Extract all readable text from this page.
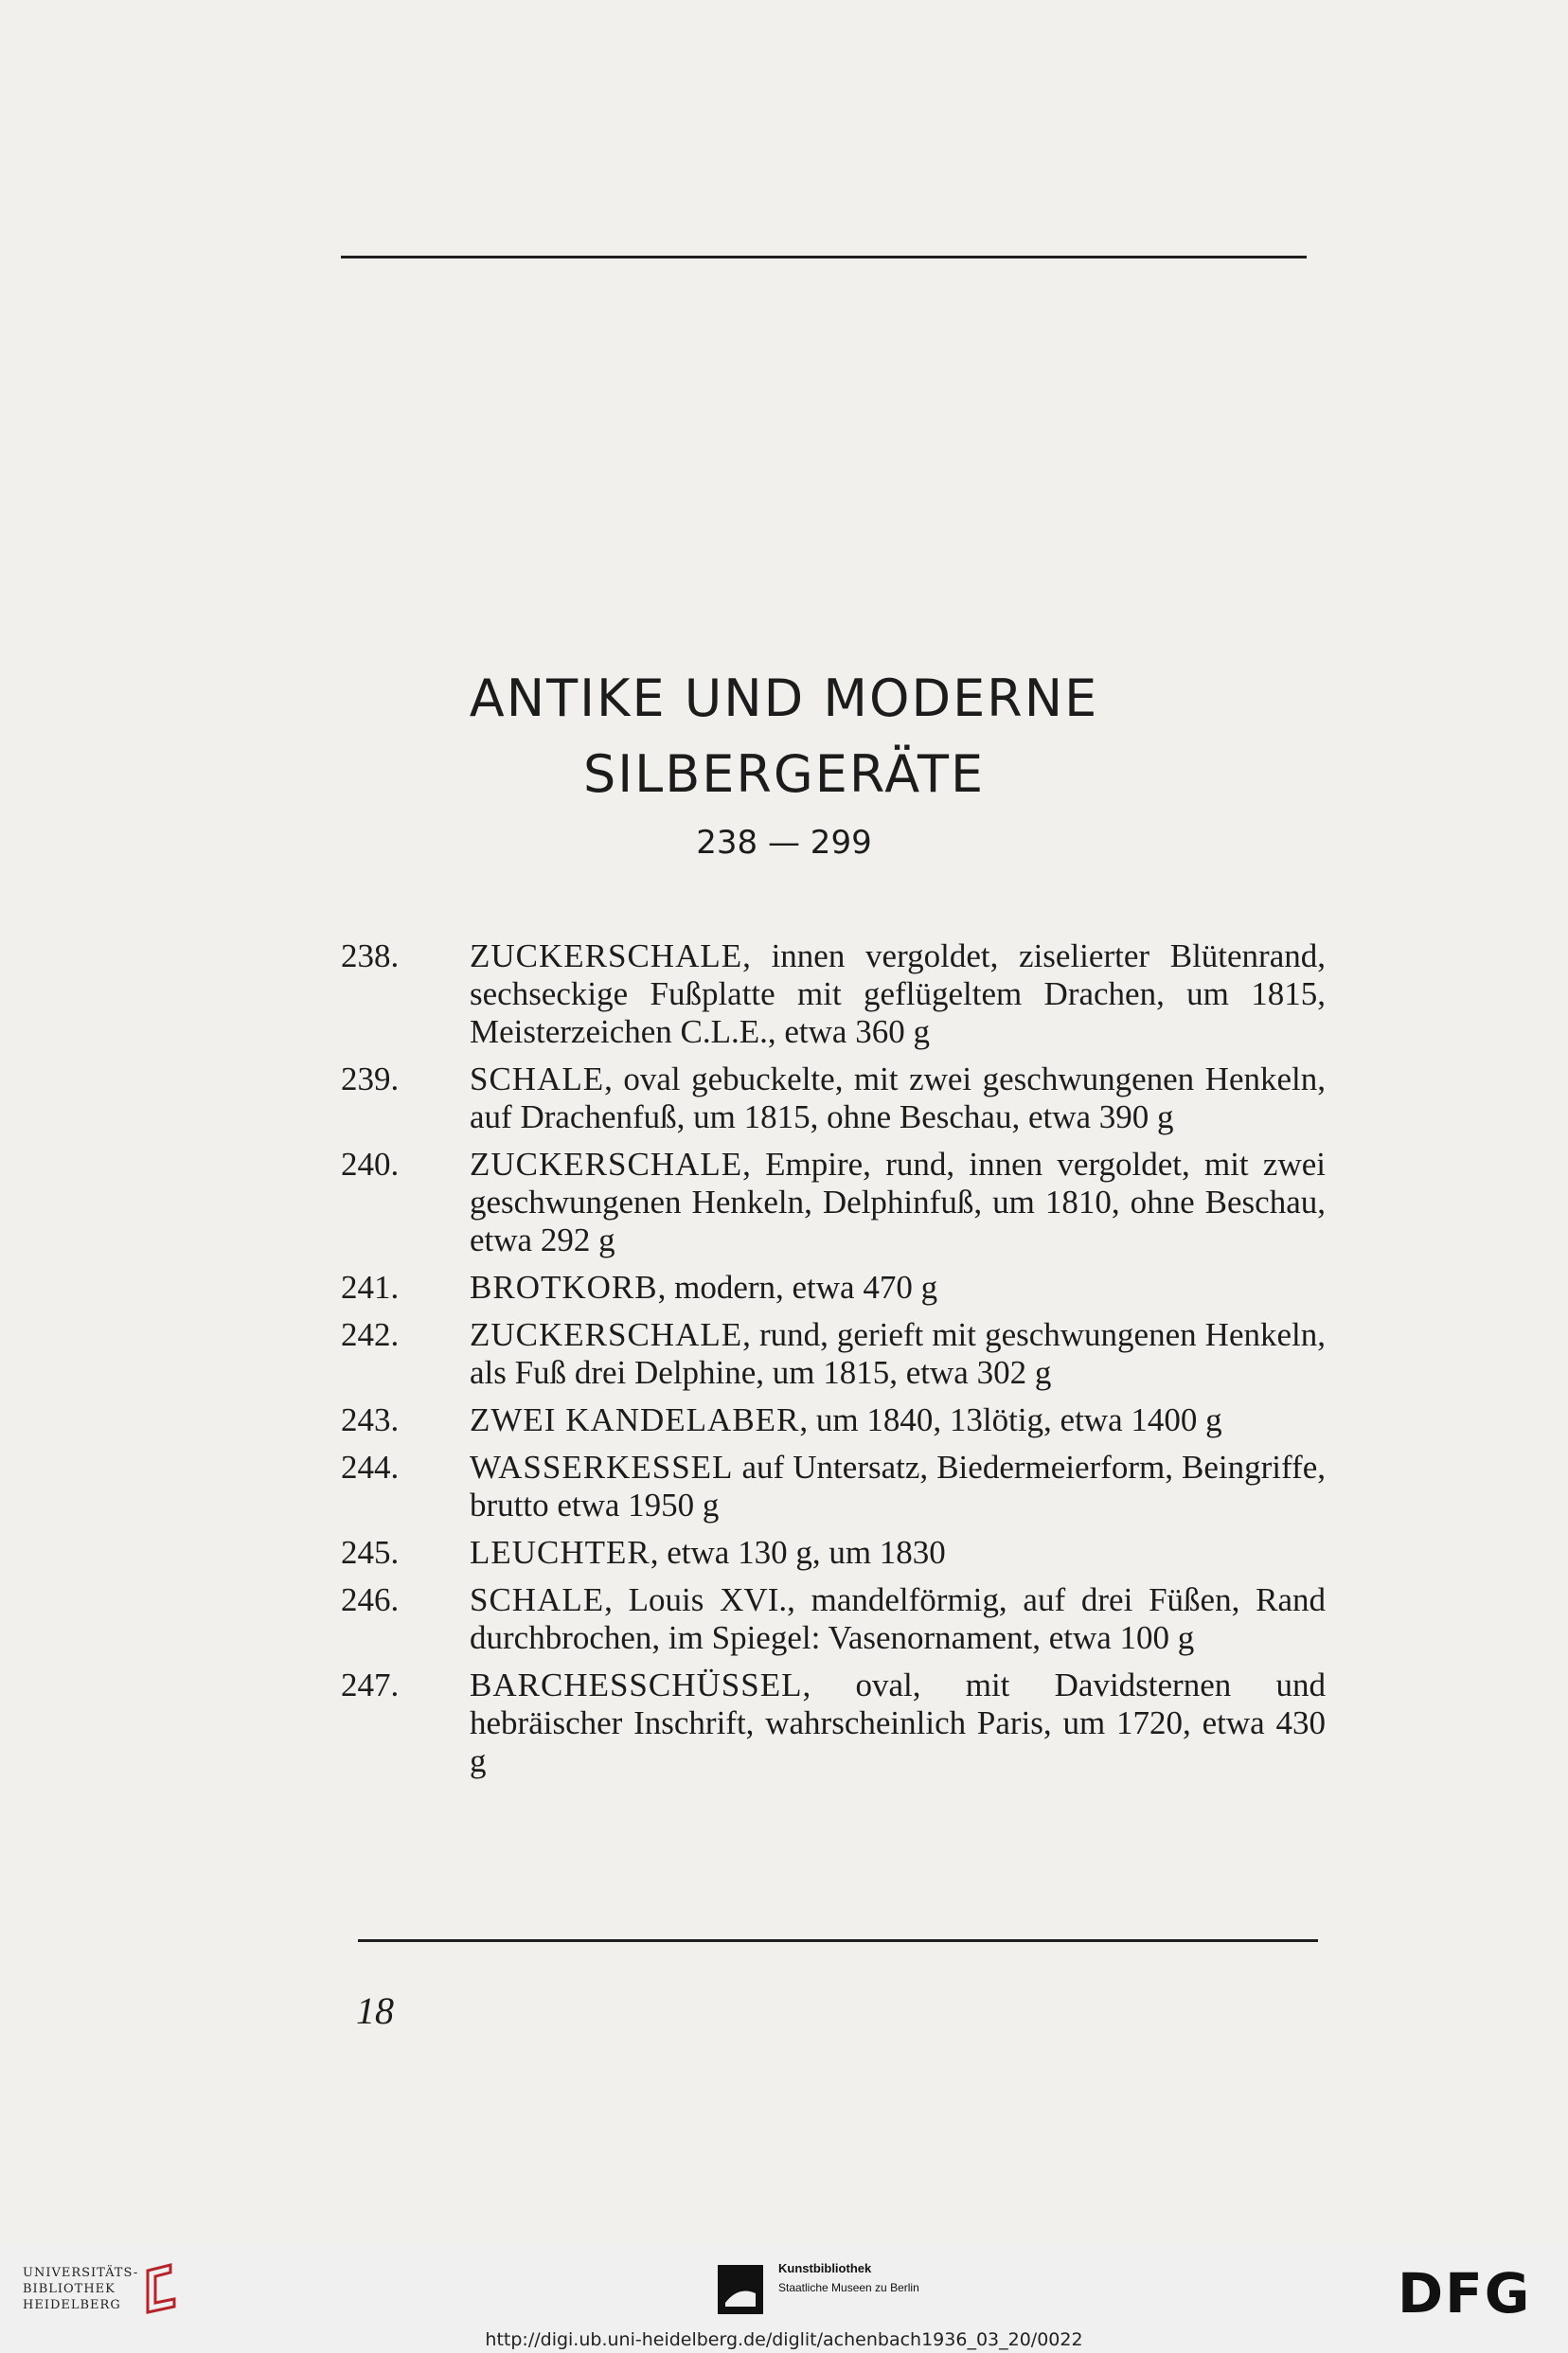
ANTIKE UND MODERNE
SILBERGERÄTE
238 — 299
238. ZUCKERSCHALE, innen vergoldet, ziselierter Blütenrand, sechseckige Fußplatte mit geflügeltem Drachen, um 1815, Meisterzeichen C.L.E., etwa 360 g
239. SCHALE, oval gebuckelte, mit zwei geschwungenen Henkeln, auf Drachenfuß, um 1815, ohne Beschau, etwa 390 g
240. ZUCKERSCHALE, Empire, rund, innen vergoldet, mit zwei geschwungenen Henkeln, Delphinfuß, um 1810, ohne Beschau, etwa 292 g
241. BROTKORB, modern, etwa 470 g
242. ZUCKERSCHALE, rund, gerieft mit geschwungenen Henkeln, als Fuß drei Delphine, um 1815, etwa 302 g
243. ZWEI KANDELABER, um 1840, 13lötig, etwa 1400 g
244. WASSERKESSEL auf Untersatz, Biedermeierform, Beingriffe, brutto etwa 1950 g
245. LEUCHTER, etwa 130 g, um 1830
246. SCHALE, Louis XVI., mandelförmig, auf drei Füßen, Rand durchbrochen, im Spiegel: Vasenornament, etwa 100 g
247. BARCHESSCHÜSSEL, oval, mit Davidsternen und hebräischer Inschrift, wahrscheinlich Paris, um 1720, etwa 430 g
18
UNIVERSITÄTS-
BIBLIOTHEK
HEIDELBERG
Kunstbibliothek
Staatliche Museen zu Berlin	DFG
http://digi.ub.uni-heidelberg.de/diglit/achenbach1936_03_20/0022
